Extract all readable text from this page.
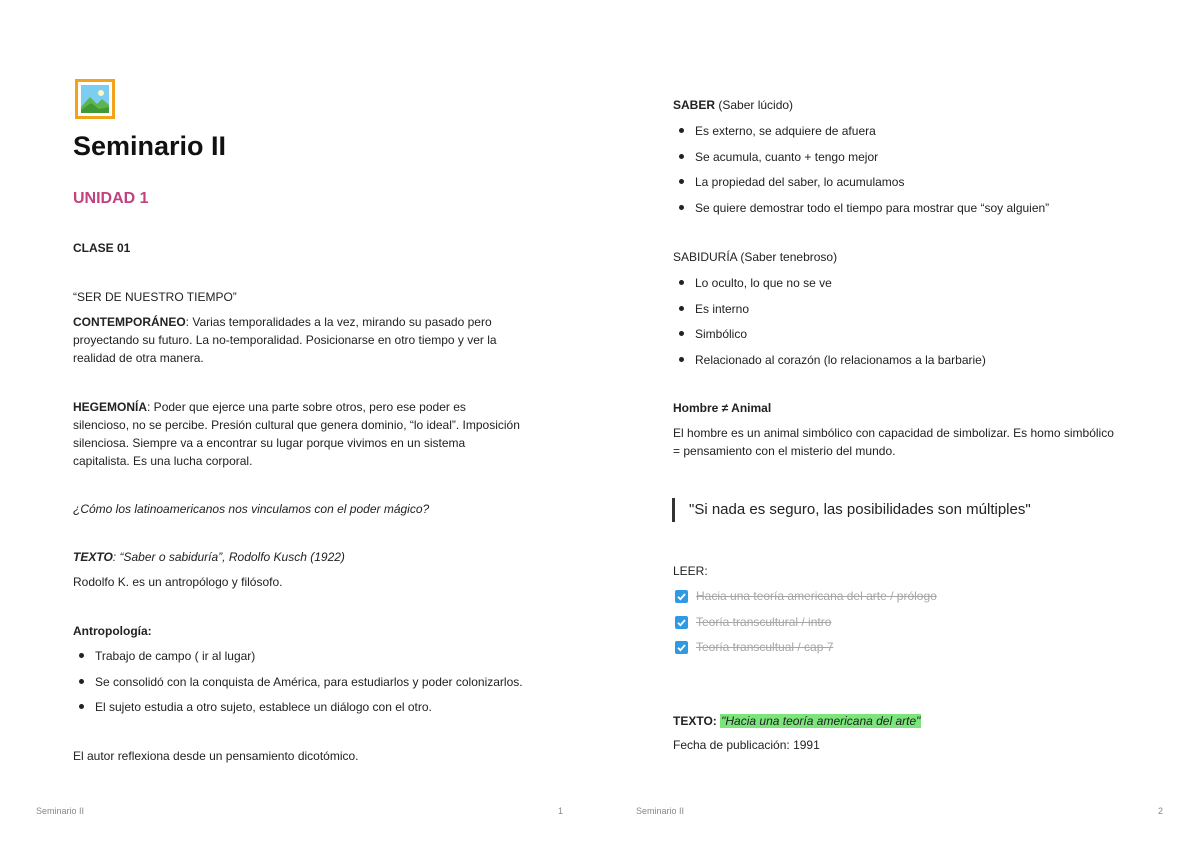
Seminario II
UNIDAD 1
CLASE 01
“SER DE NUESTRO TIEMPO”
CONTEMPORÁNEO: Varias temporalidades a la vez, mirando su pasado pero
proyectando su futuro. La no-temporalidad. Posicionarse en otro tiempo y ver la
realidad de otra manera.
HEGEMONÍA: Poder que ejerce una parte sobre otros, pero ese poder es
silencioso, no se percibe. Presión cultural que genera dominio, “lo ideal”. Imposición
silenciosa. Siempre va a encontrar su lugar porque vivimos en un sistema
capitalista. Es una lucha corporal.
¿Cómo los latinoamericanos nos vinculamos con el poder mágico?
TEXTO: “Saber o sabiduría”, Rodolfo Kusch (1922)
Rodolfo K. es un antropólogo y filósofo.
Antropología:
Trabajo de campo ( ir al lugar)
Se consolidó con la conquista de América, para estudiarlos y poder colonizarlos.
El sujeto estudia a otro sujeto, establece un diálogo con el otro.
El autor reflexiona desde un pensamiento dicotómico.
Seminario II	1
SABER (Saber lúcido)
Es externo, se adquiere de afuera
Se acumula, cuanto + tengo mejor
La propiedad del saber, lo acumulamos
Se quiere demostrar todo el tiempo para mostrar que “soy alguien”
SABIDURÍA (Saber tenebroso)
Lo oculto, lo que no se ve
Es interno
Simbólico
Relacionado al corazón (lo relacionamos a la barbarie)
Hombre ≠ Animal
El hombre es un animal simbólico con capacidad de simbolizar. Es homo simbólico
= pensamiento con el misterio del mundo.
"Si nada es seguro, las posibilidades son múltiples"
LEER:
Hacia una teoría americana del arte / prólogo
Teoría transcultural / intro
Teoría transcultual / cap 7
TEXTO: "Hacia una teoría americana del arte"
Fecha de publicación: 1991
Seminario II	2
